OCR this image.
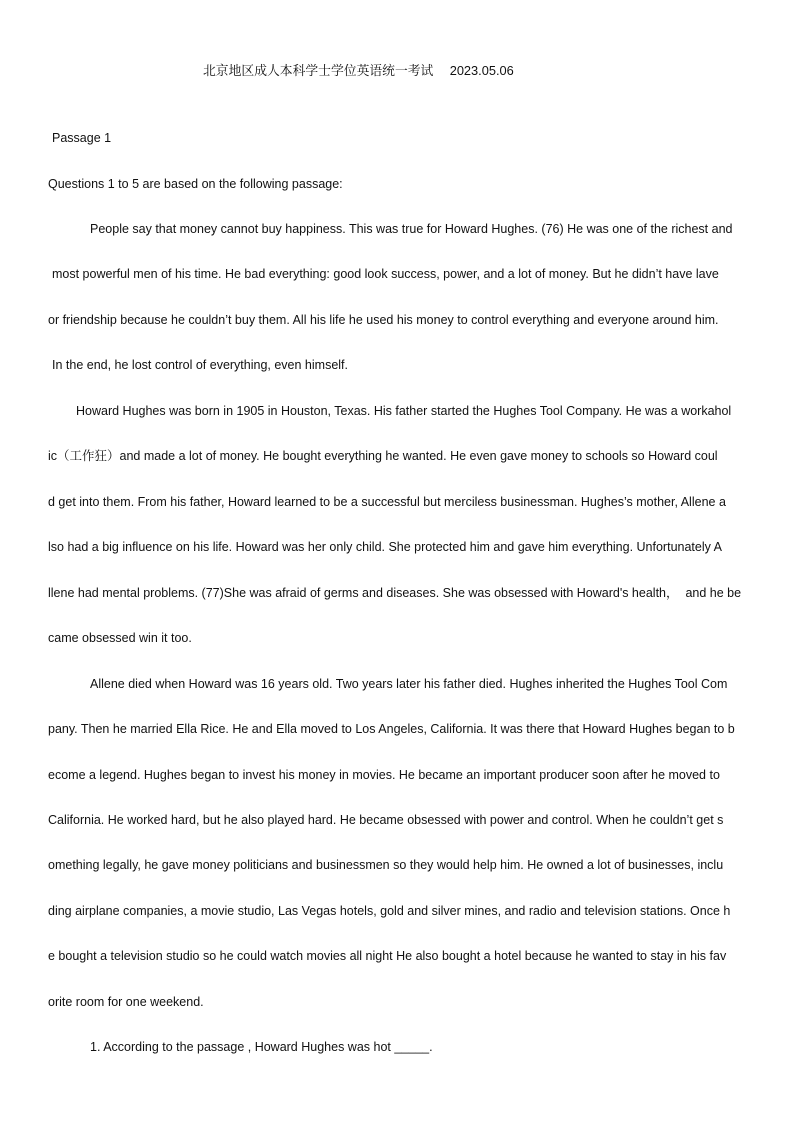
北京地区成人本科学士学位英语统一考试　 2023.05.06

Passage 1

Questions 1 to 5 are based on the following passage:

People say that money cannot buy happiness. This was true for Howard Hughes. (76) He was one of the richest and

most powerful men of his time. He bad everything: good look success, power, and a lot of money. But he didn’t have lave

or friendship because he couldn’t buy them. All his life he used his money to control everything and everyone around him.

In the end, he lost control of everything, even himself.

Howard Hughes was born in 1905 in Houston, Texas. His father started the Hughes Tool Company. He was a workahol

ic（工作狂）and made a lot of money. He bought everything he wanted. He even gave money to schools so Howard coul

d get into them. From his father, Howard learned to be a successful but merciless businessman. Hughes’s mother, Allene a

lso had a big influence on his life. Howard was her only child. She protected him and gave him everything. Unfortunately A

llene had mental problems. (77)She was afraid of germs and diseases. She was obsessed with Howard's health，  and he be

came obsessed win it too.

Allene died when Howard was 16 years old. Two years later his father died. Hughes inherited the Hughes Tool Com

pany. Then he married Ella Rice. He and Ella moved to Los Angeles, California. It was there that Howard Hughes began to b

ecome a legend. Hughes began to invest his money in movies. He became an important producer soon after he moved to

California. He worked hard, but he also played hard. He became obsessed with power and control. When he couldn’t get s

omething legally, he gave money politicians and businessmen so they would help him. He owned a lot of businesses, inclu

ding airplane companies, a movie studio, Las Vegas hotels, gold and silver mines, and radio and television stations. Once h

e bought a television studio so he could watch movies all night He also bought a hotel because he wanted to stay in his fav

orite room for one weekend.

1. According to the passage , Howard Hughes was hot _____.
